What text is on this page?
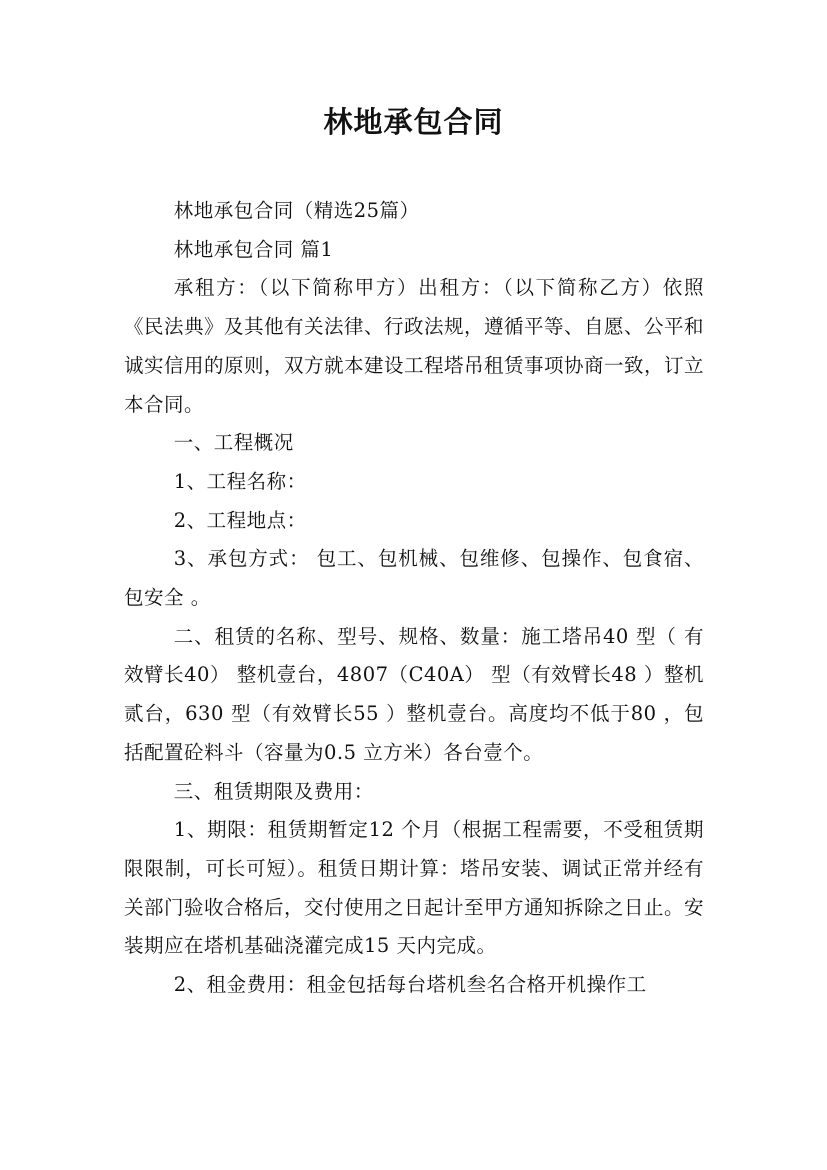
林地承包合同

林地承包合同（精选25篇）

林地承包合同 篇1

承租方：（以下简称甲方）出租方：（以下简称乙方）依照《民法典》及其他有关法律、行政法规，遵循平等、自愿、公平和诚实信用的原则，双方就本建设工程塔吊租赁事项协商一致，订立本合同。

一、工程概况

1、工程名称：

2、工程地点：

3、承包方式： 包工、包机械、包维修、包操作、包食宿、包安全 。

二、租赁的名称、型号、规格、数量：施工塔吊40 型（ 有效臂长40） 整机壹台，4807（C40A） 型（有效臂长48 ）整机贰台，630 型（有效臂长55 ）整机壹台。高度均不低于80 ，包括配置砼料斗（容量为0.5 立方米）各台壹个。

三、租赁期限及费用：

1、期限：租赁期暂定12 个月（根据工程需要，不受租赁期限限制，可长可短）。租赁日期计算：塔吊安装、调试正常并经有关部门验收合格后，交付使用之日起计至甲方通知拆除之日止。安装期应在塔机基础浇灌完成15 天内完成。

2、租金费用：租金包括每台塔机叁名合格开机操作工
